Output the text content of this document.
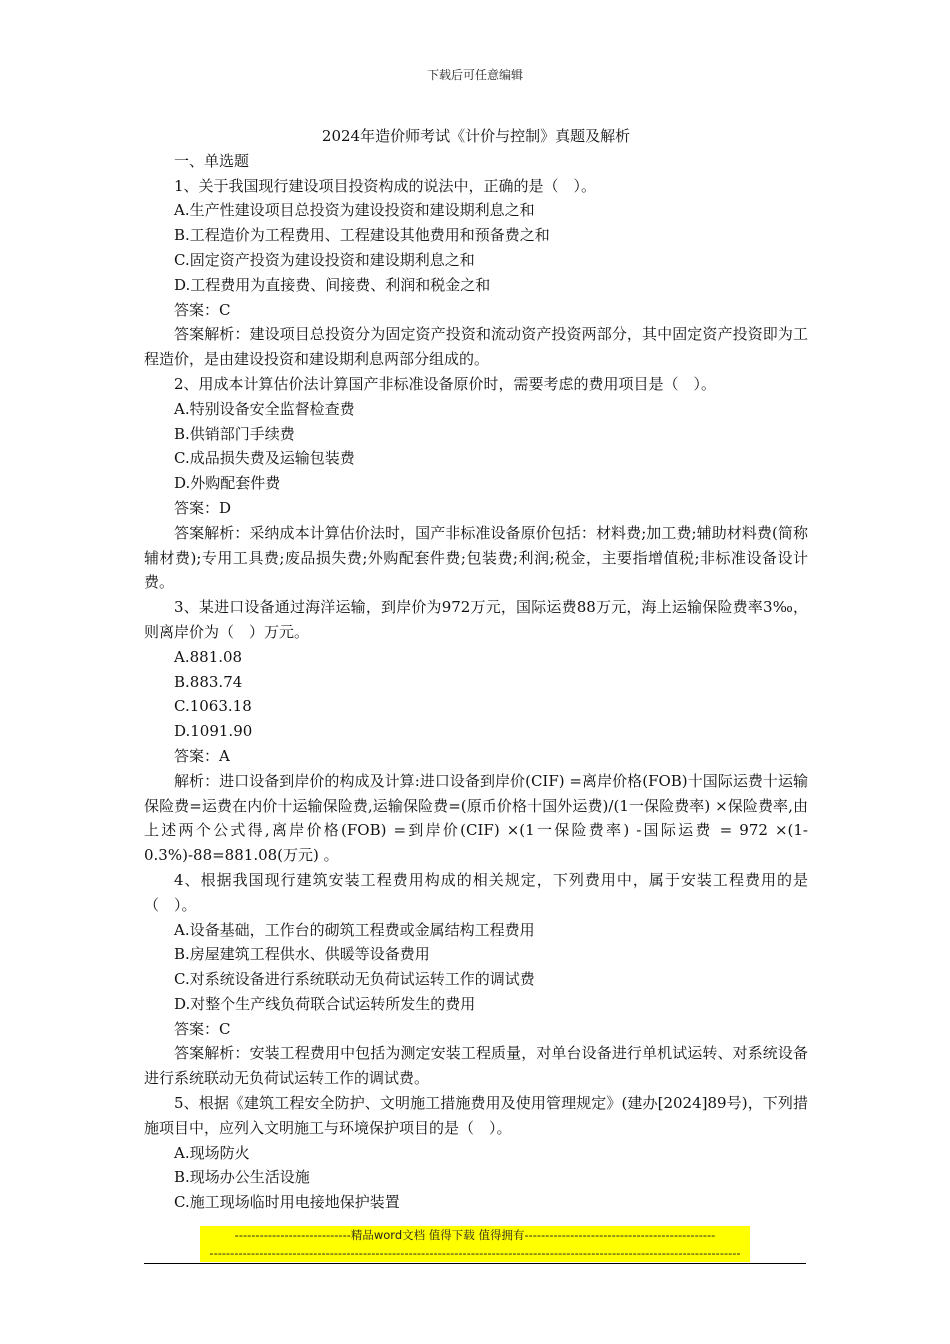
下载后可任意编辑

2024年造价师考试《计价与控制》真题及解析

一、单选题

1、关于我国现行建设项目投资构成的说法中，正确的是（　）。

A.生产性建设项目总投资为建设投资和建设期利息之和

B.工程造价为工程费用、工程建设其他费用和预备费之和

C.固定资产投资为建设投资和建设期利息之和

D.工程费用为直接费、间接费、利润和税金之和

答案：C

答案解析：建设项目总投资分为固定资产投资和流动资产投资两部分，其中固定资产投资即为工程造价，是由建设投资和建设期利息两部分组成的。

2、用成本计算估价法计算国产非标准设备原价时，需要考虑的费用项目是（　）。

A.特别设备安全监督检查费

B.供销部门手续费

C.成品损失费及运输包装费

D.外购配套件费

答案：D

答案解析：采纳成本计算估价法时，国产非标准设备原价包括：材料费;加工费;辅助材料费(简称辅材费);专用工具费;废品损失费;外购配套件费;包装费;利润;税金，主要指增值税;非标准设备设计费。

3、某进口设备通过海洋运输，到岸价为972万元，国际运费88万元，海上运输保险费率3‰，则离岸价为（　）万元。

A.881.08

B.883.74

C.1063.18

D.1091.90

答案：A

解析：进口设备到岸价的构成及计算:进口设备到岸价(CIF) =离岸价格(FOB)十国际运费十运输保险费=运费在内价十运输保险费,运输保险费=(原币价格十国外运费)/(1一保险费率) ×保险费率,由上述两个公式得,离岸价格(FOB) =到岸价(CIF) ×(1一保险费率) -国际运费 = 972 ×(1-0.3%)-88=881.08(万元) 。

4、根据我国现行建筑安装工程费用构成的相关规定，下列费用中，属于安装工程费用的是（　）。

A.设备基础，工作台的砌筑工程费或金属结构工程费用

B.房屋建筑工程供水、供暖等设备费用

C.对系统设备进行系统联动无负荷试运转工作的调试费

D.对整个生产线负荷联合试运转所发生的费用

答案：C

答案解析：安装工程费用中包括为测定安装工程质量，对单台设备进行单机试运转、对系统设备进行系统联动无负荷试运转工作的调试费。

5、根据《建筑工程安全防护、文明施工措施费用及使用管理规定》(建办[2024]89号)，下列措施项目中，应列入文明施工与环境保护项目的是（　）。

A.现场防火

B.现场办公生活设施

C.施工现场临时用电接地保护装置

----------------------------精品word文档 值得下载 值得拥有----------------------------------------------
--------------------------------------------------------------------------------------------------------------------------------
